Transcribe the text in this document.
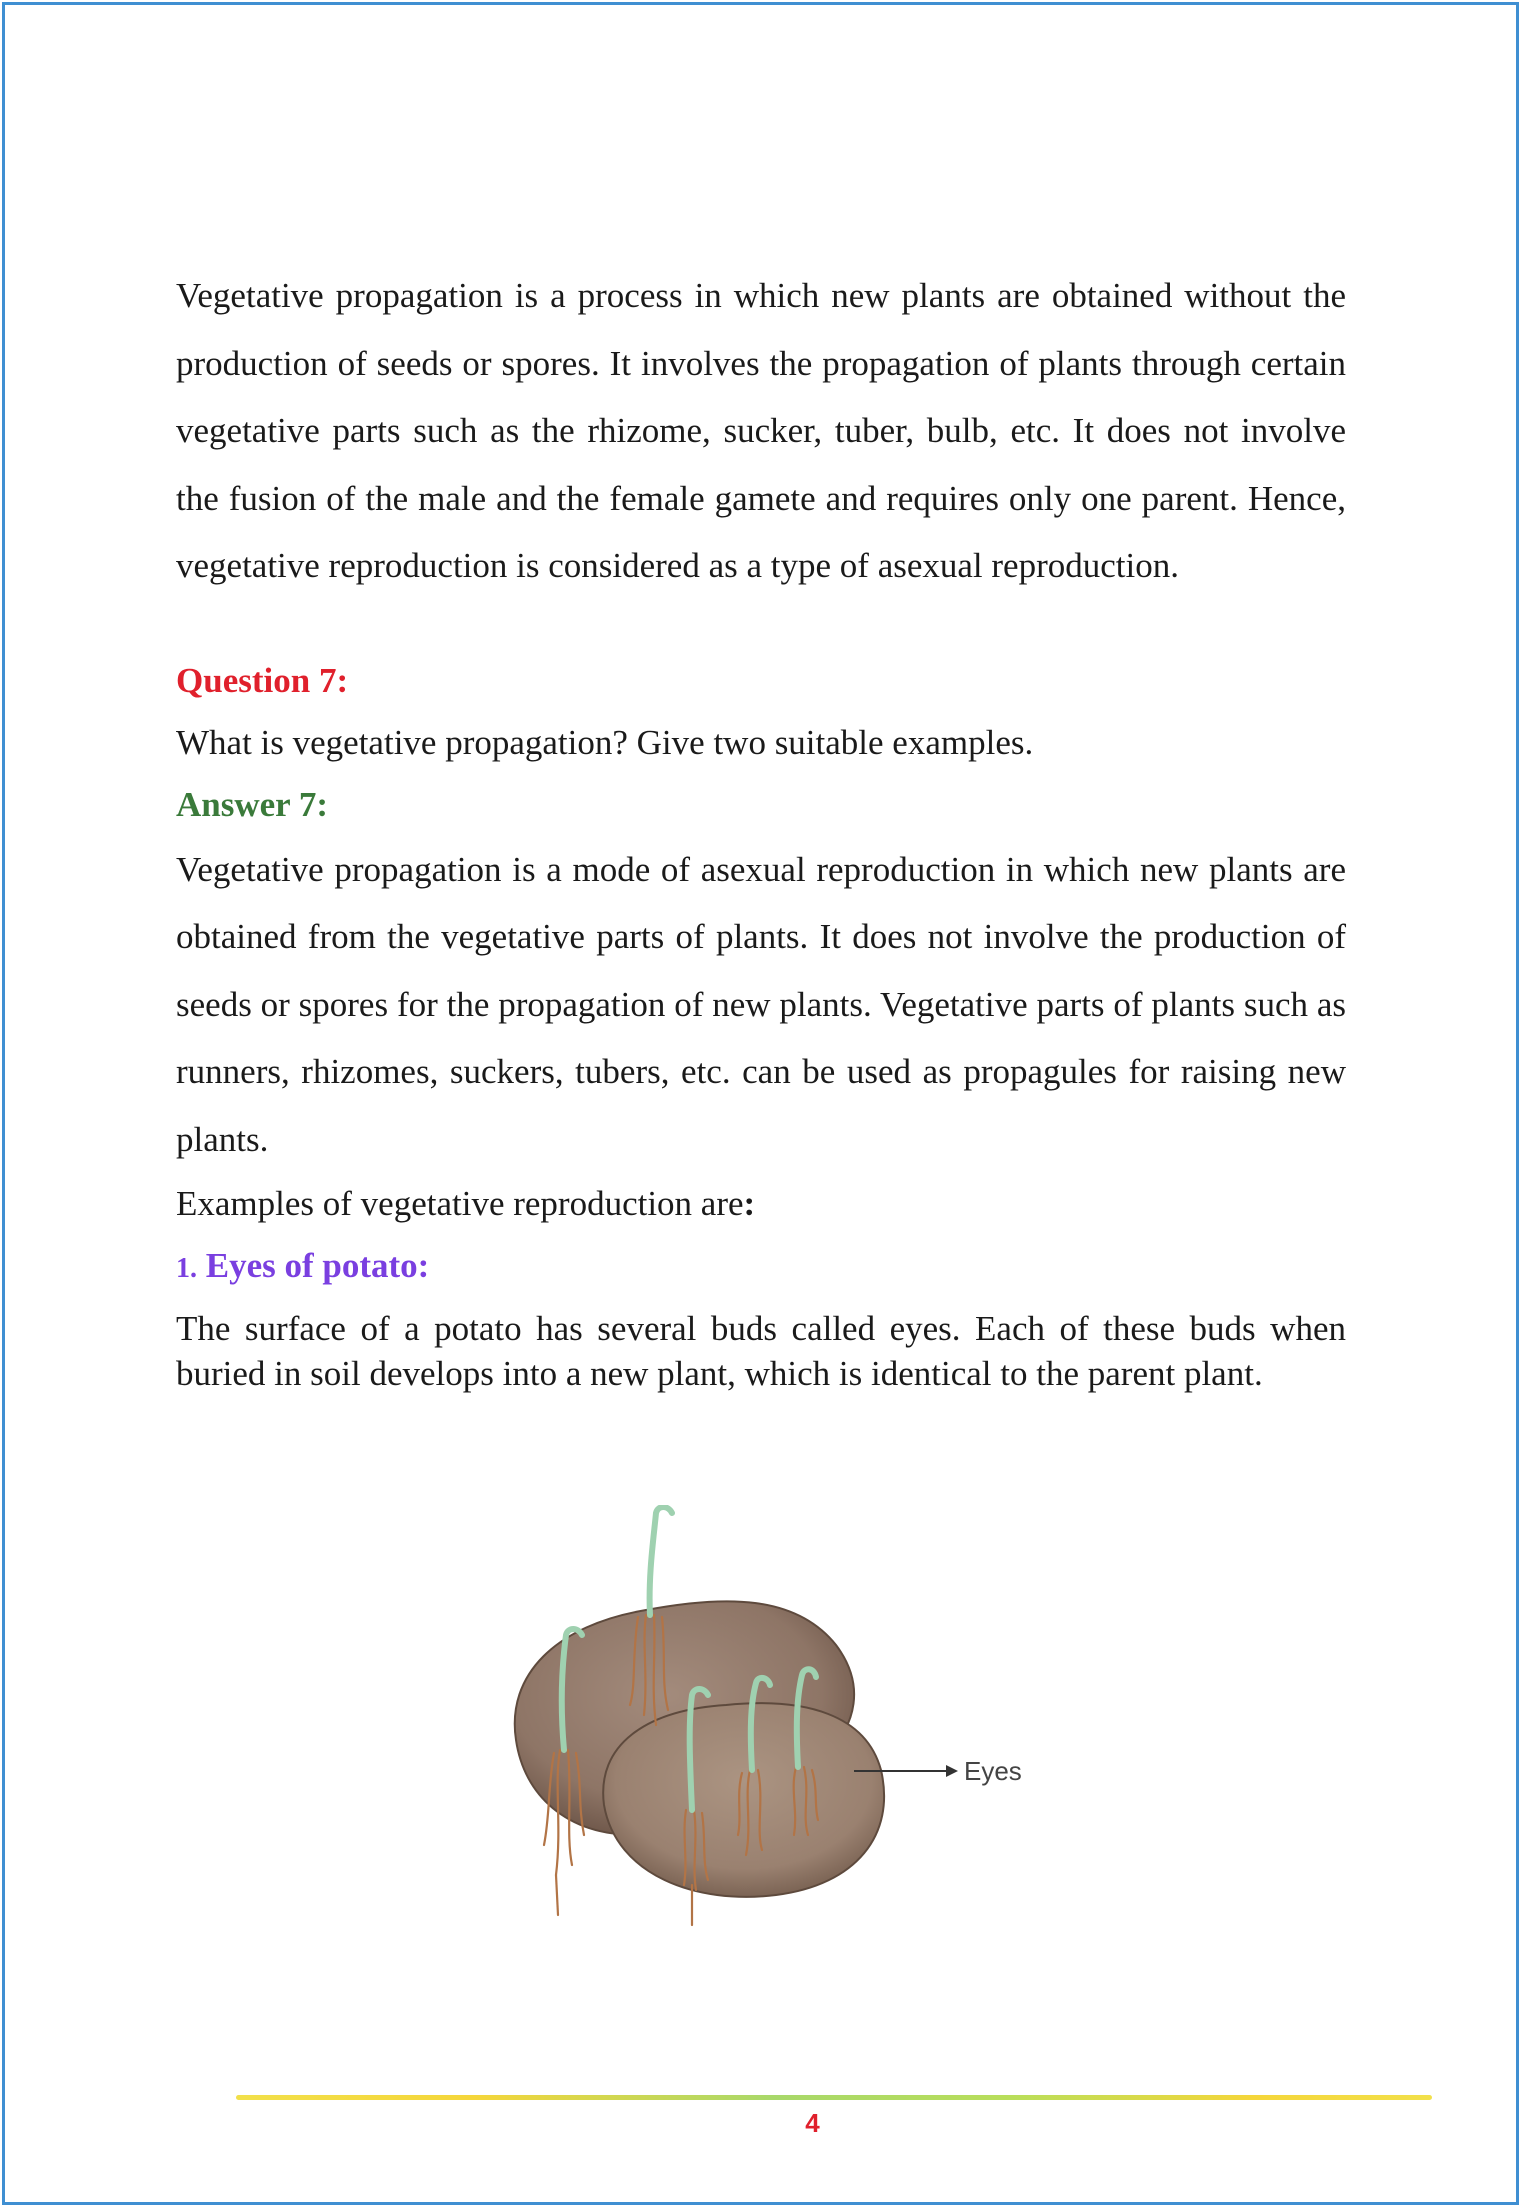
Vegetative propagation is a process in which new plants are obtained without the production of seeds or spores. It involves the propagation of plants through certain vegetative parts such as the rhizome, sucker, tuber, bulb, etc. It does not involve the fusion of the male and the female gamete and requires only one parent. Hence, vegetative reproduction is considered as a type of asexual reproduction.

Question 7:

What is vegetative propagation? Give two suitable examples.

Answer 7:

Vegetative propagation is a mode of asexual reproduction in which new plants are obtained from the vegetative parts of plants. It does not involve the production of seeds or spores for the propagation of new plants. Vegetative parts of plants such as runners, rhizomes, suckers, tubers, etc. can be used as propagules for raising new plants.

Examples of vegetative reproduction are:

1. Eyes of potato:

The surface of a potato has several buds called eyes. Each of these buds when buried in soil develops into a new plant, which is identical to the parent plant.

Eyes
4
